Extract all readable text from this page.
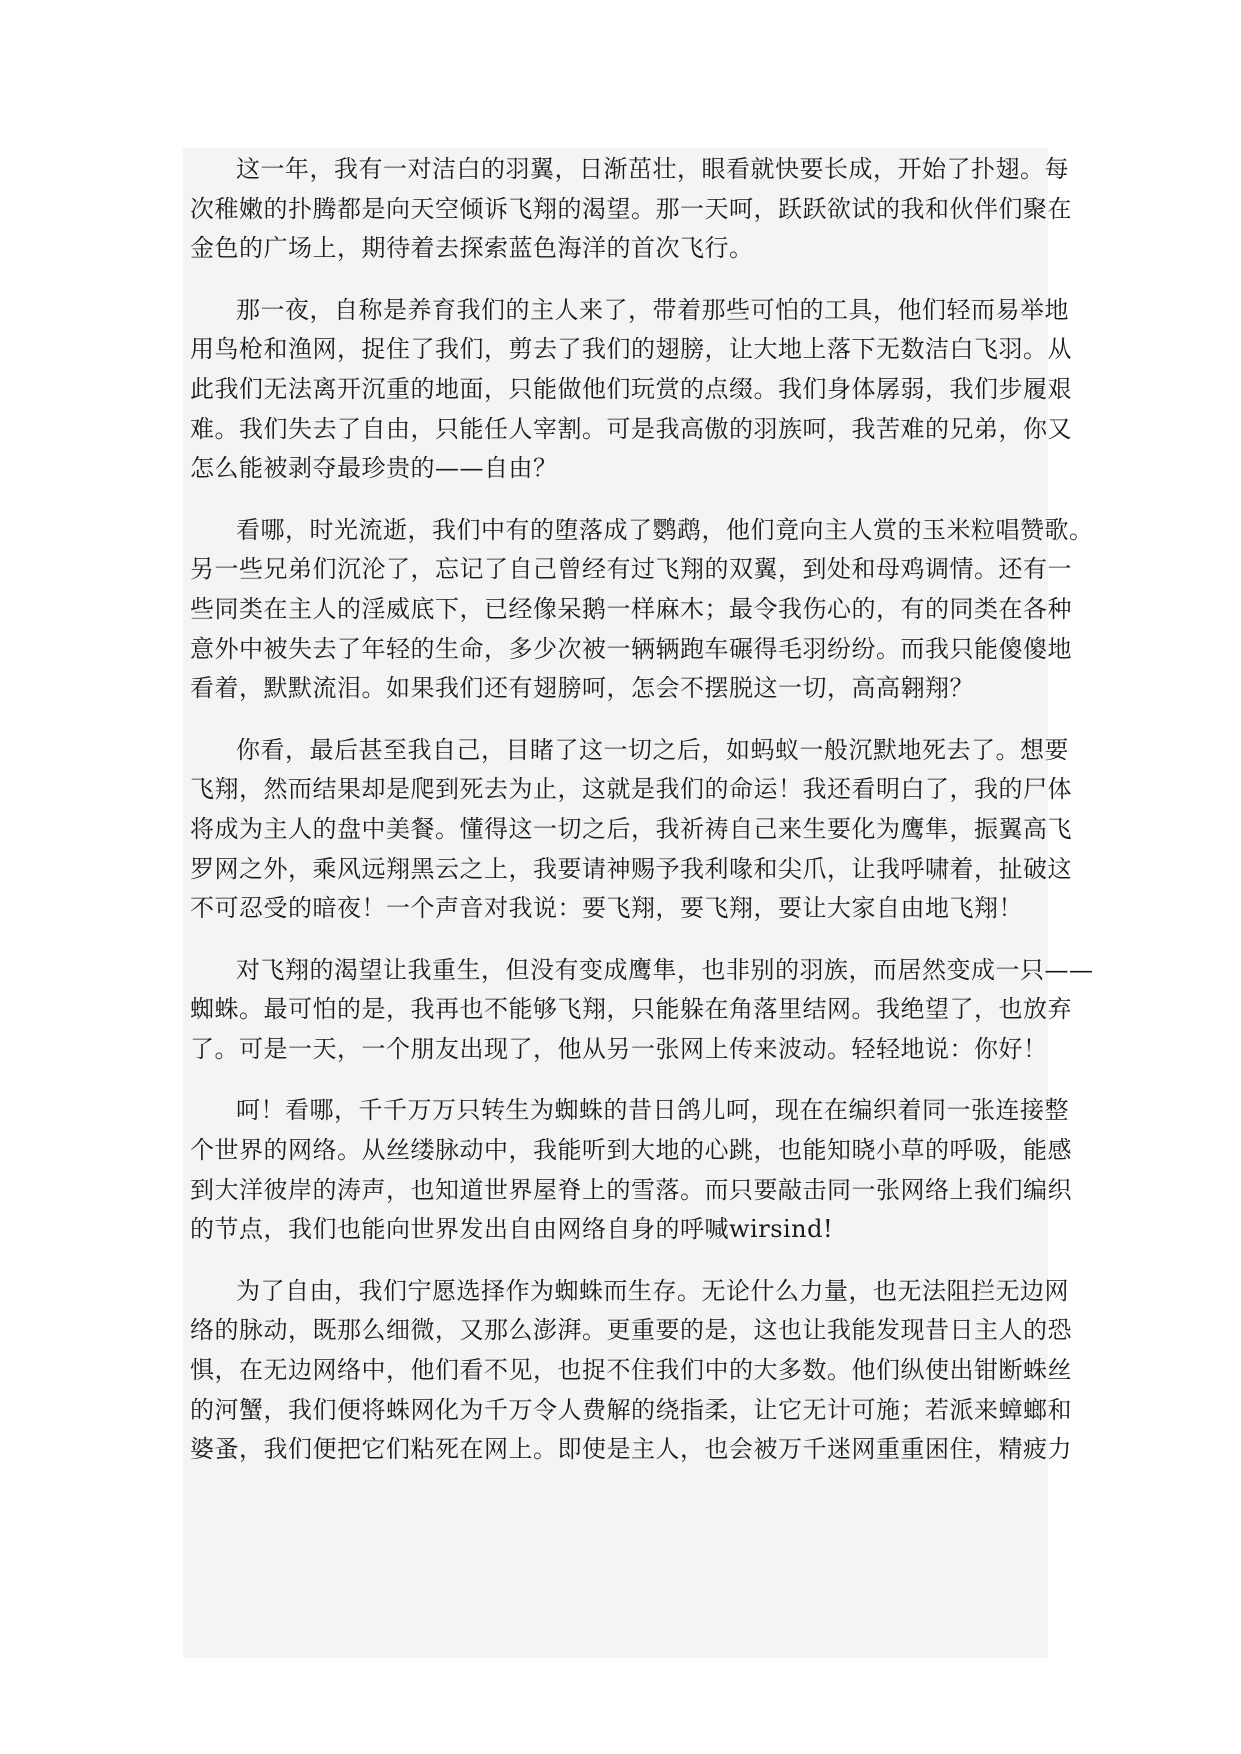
这一年，我有一对洁白的羽翼，日渐茁壮，眼看就快要长成，开始了扑翅。每
次稚嫩的扑腾都是向天空倾诉飞翔的渴望。那一天呵，跃跃欲试的我和伙伴们聚在
金色的广场上，期待着去探索蓝色海洋的首次飞行。

那一夜，自称是养育我们的主人来了，带着那些可怕的工具，他们轻而易举地
用鸟枪和渔网，捉住了我们，剪去了我们的翅膀，让大地上落下无数洁白飞羽。从
此我们无法离开沉重的地面，只能做他们玩赏的点缀。我们身体孱弱，我们步履艰
难。我们失去了自由，只能任人宰割。可是我高傲的羽族呵，我苦难的兄弟，你又
怎么能被剥夺最珍贵的——自由？

看哪，时光流逝，我们中有的堕落成了鹦鹉，他们竟向主人赏的玉米粒唱赞歌。
另一些兄弟们沉沦了，忘记了自己曾经有过飞翔的双翼，到处和母鸡调情。还有一
些同类在主人的淫威底下，已经像呆鹅一样麻木；最令我伤心的，有的同类在各种
意外中被失去了年轻的生命，多少次被一辆辆跑车碾得毛羽纷纷。而我只能傻傻地
看着，默默流泪。如果我们还有翅膀呵，怎会不摆脱这一切，高高翱翔？

你看，最后甚至我自己，目睹了这一切之后，如蚂蚁一般沉默地死去了。想要
飞翔，然而结果却是爬到死去为止，这就是我们的命运！我还看明白了，我的尸体
将成为主人的盘中美餐。懂得这一切之后，我祈祷自己来生要化为鹰隼，振翼高飞
罗网之外，乘风远翔黑云之上，我要请神赐予我利喙和尖爪，让我呼啸着，扯破这
不可忍受的暗夜！一个声音对我说：要飞翔，要飞翔，要让大家自由地飞翔！

对飞翔的渴望让我重生，但没有变成鹰隼，也非别的羽族，而居然变成一只——
蜘蛛。最可怕的是，我再也不能够飞翔，只能躲在角落里结网。我绝望了，也放弃
了。可是一天，一个朋友出现了，他从另一张网上传来波动。轻轻地说：你好！

呵！看哪，千千万万只转生为蜘蛛的昔日鸽儿呵，现在在编织着同一张连接整
个世界的网络。从丝缕脉动中，我能听到大地的心跳，也能知晓小草的呼吸，能感
到大洋彼岸的涛声，也知道世界屋脊上的雪落。而只要敲击同一张网络上我们编织
的节点，我们也能向世界发出自由网络自身的呼喊wirsind!

为了自由，我们宁愿选择作为蜘蛛而生存。无论什么力量，也无法阻拦无边网
络的脉动，既那么细微，又那么澎湃。更重要的是，这也让我能发现昔日主人的恐
惧，在无边网络中，他们看不见，也捉不住我们中的大多数。他们纵使出钳断蛛丝
的河蟹，我们便将蛛网化为千万令人费解的绕指柔，让它无计可施；若派来蟑螂和
婆蚤，我们便把它们粘死在网上。即使是主人，也会被万千迷网重重困住，精疲力
